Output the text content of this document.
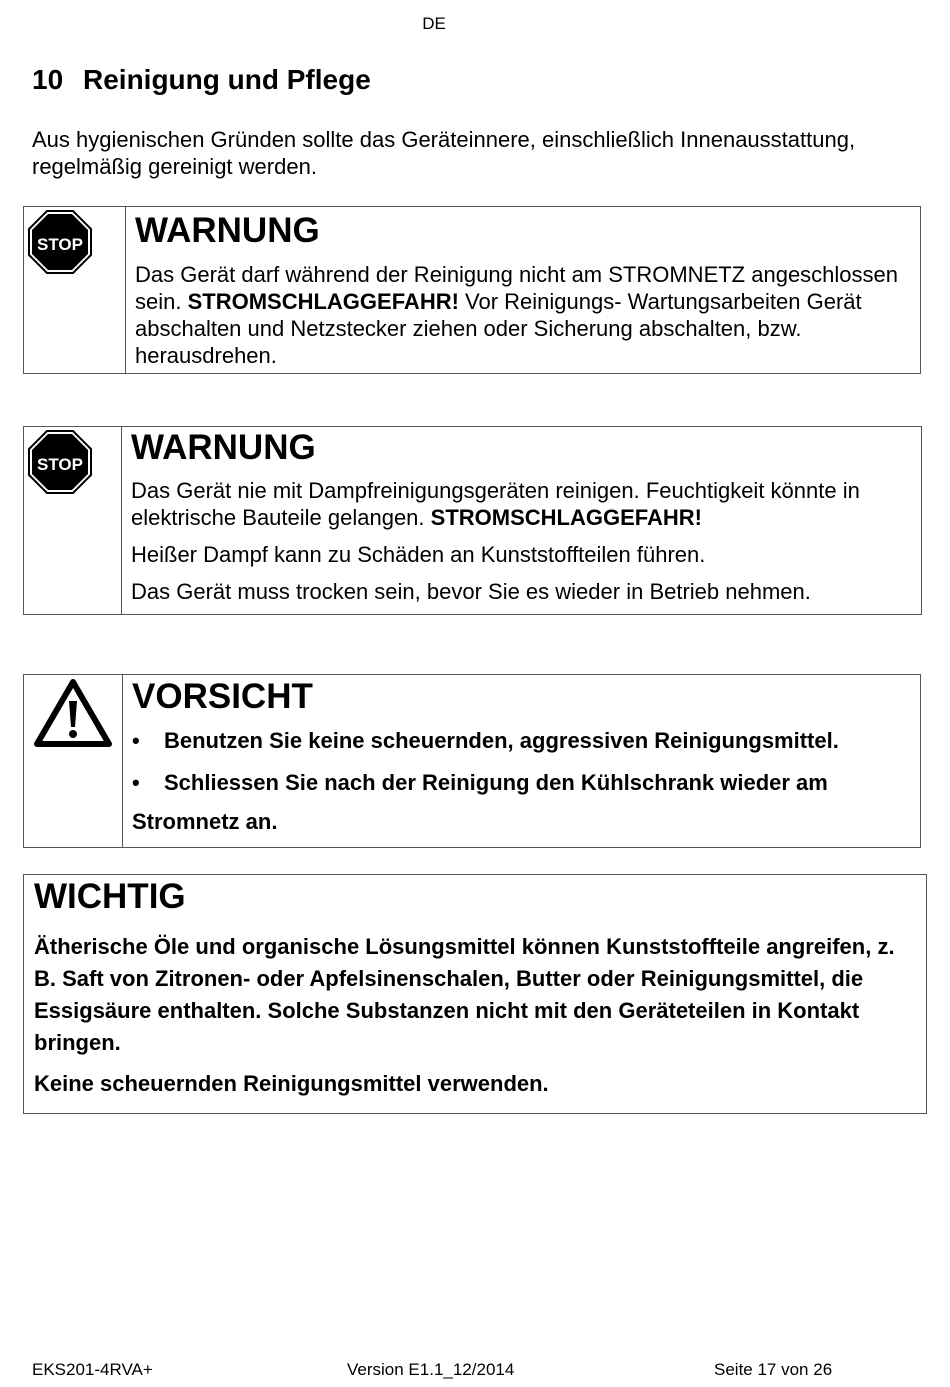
DE
10 Reinigung und Pflege

Aus hygienischen Gründen sollte das Geräteinnere, einschließlich Innenausstattung, regelmäßig gereinigt werden.

STOP WARNUNG

Das Gerät darf während der Reinigung nicht am STROMNETZ angeschlossen sein. STROMSCHLAGGEFAHR! Vor Reinigungs- Wartungsarbeiten Gerät abschalten und Netzstecker ziehen oder Sicherung abschalten, bzw. herausdrehen.

STOP WARNUNG

Das Gerät nie mit Dampfreinigungsgeräten reinigen. Feuchtigkeit könnte in elektrische Bauteile gelangen. STROMSCHLAGGEFAHR!

Heißer Dampf kann zu Schäden an Kunststoffteilen führen.

Das Gerät muss trocken sein, bevor Sie es wieder in Betrieb nehmen.

VORSICHT

• Benutzen Sie keine scheuernden, aggressiven Reinigungsmittel.
• Schliessen Sie nach der Reinigung den Kühlschrank wieder am

Stromnetz an.

WICHTIG

Ätherische Öle und organische Lösungsmittel können Kunststoffteile angreifen, z. B. Saft von Zitronen- oder Apfelsinenschalen, Butter oder Reinigungsmittel, die Essigsäure enthalten. Solche Substanzen nicht mit den Geräteteilen in Kontakt bringen.

Keine scheuernden Reinigungsmittel verwenden.

EKS201-4RVA+	Version E1.1_12/2014	Seite 17 von 26
